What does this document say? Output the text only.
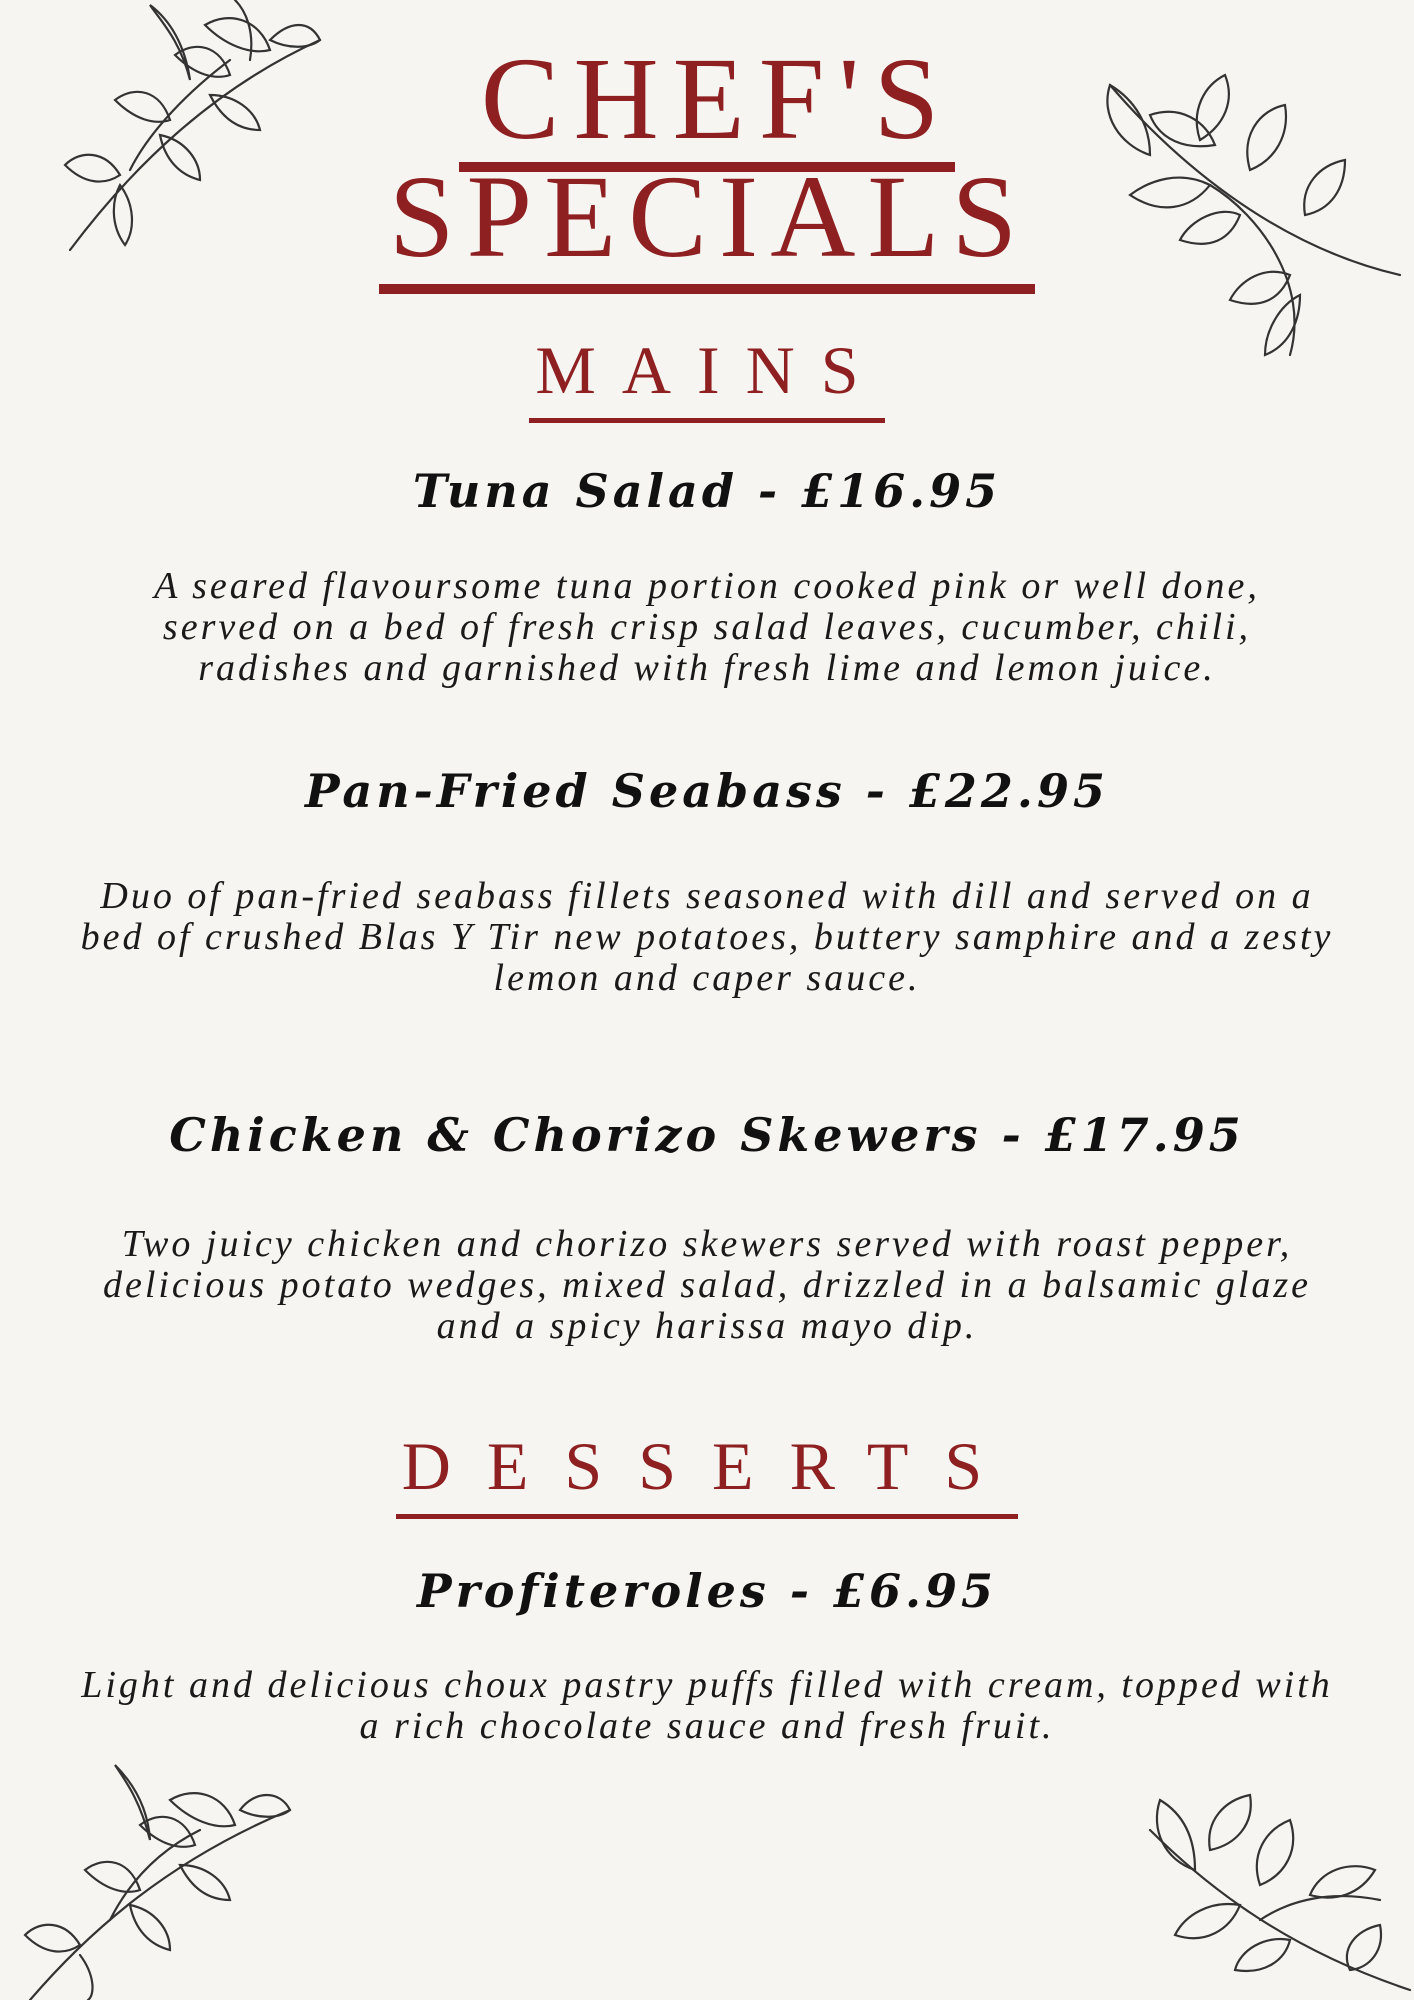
CHEF'S
SPECIALS
MAINS

Tuna Salad - £16.95

A seared flavoursome tuna portion cooked pink or well done, served on a bed of fresh crisp salad leaves, cucumber, chili, radishes and garnished with fresh lime and lemon juice.

Pan-Fried Seabass - £22.95

Duo of pan-fried seabass fillets seasoned with dill and served on a bed of crushed Blas Y Tir new potatoes, buttery samphire and a zesty lemon and caper sauce.

Chicken & Chorizo Skewers - £17.95

Two juicy chicken and chorizo skewers served with roast pepper, delicious potato wedges, mixed salad, drizzled in a balsamic glaze and a spicy harissa mayo dip.

DESSERTS

Profiteroles - £6.95

Light and delicious choux pastry puffs filled with cream, topped with a rich chocolate sauce and fresh fruit.
